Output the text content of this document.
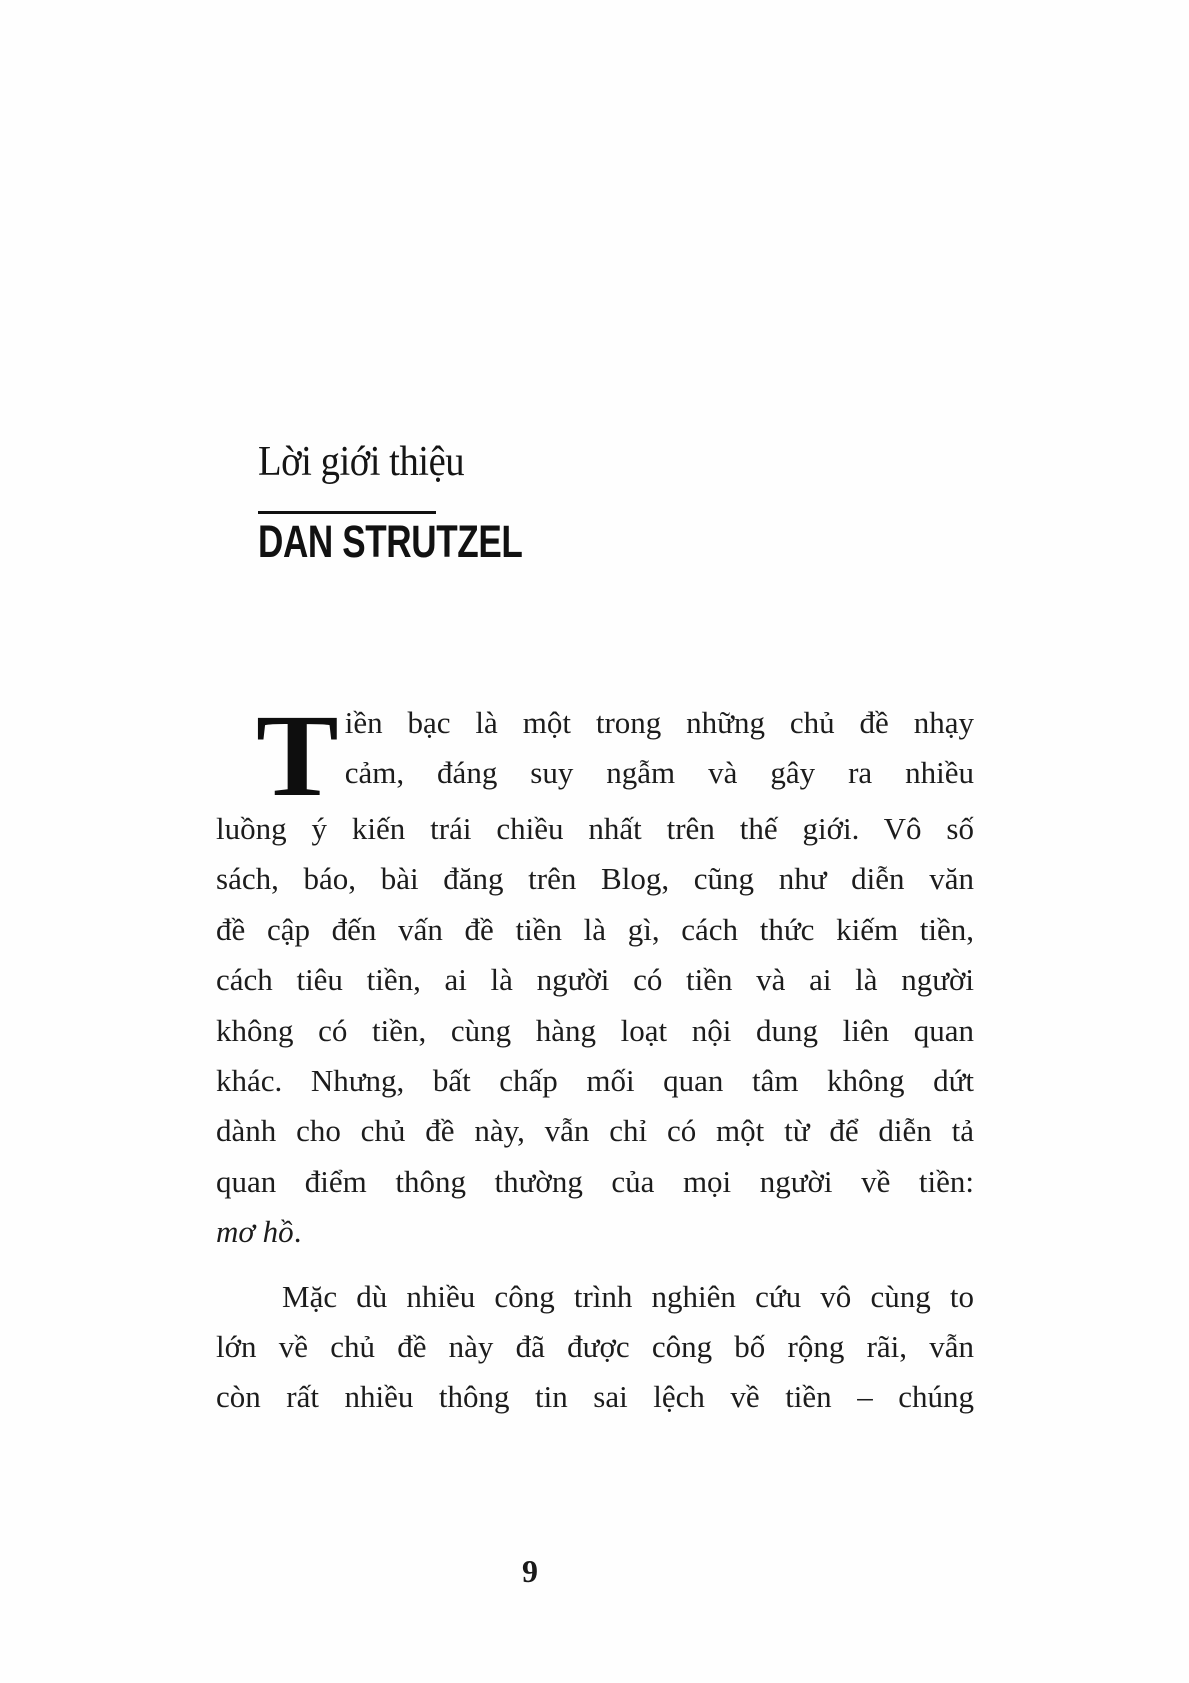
Lời giới thiệu
DAN STRUTZEL
T iền bạc là một trong những chủ đề nhạy
cảm, đáng suy ngẫm và gây ra nhiều
luồng ý kiến trái chiều nhất trên thế giới. Vô số
sách, báo, bài đăng trên Blog, cũng như diễn văn
đề cập đến vấn đề tiền là gì, cách thức kiếm tiền,
cách tiêu tiền, ai là người có tiền và ai là người
không có tiền, cùng hàng loạt nội dung liên quan
khác. Nhưng, bất chấp mối quan tâm không dứt
dành cho chủ đề này, vẫn chỉ có một từ để diễn tả
quan điểm thông thường của mọi người về tiền:
mơ hồ.
Mặc dù nhiều công trình nghiên cứu vô cùng to
lớn về chủ đề này đã được công bố rộng rãi, vẫn
còn rất nhiều thông tin sai lệch về tiền – chúng
9
